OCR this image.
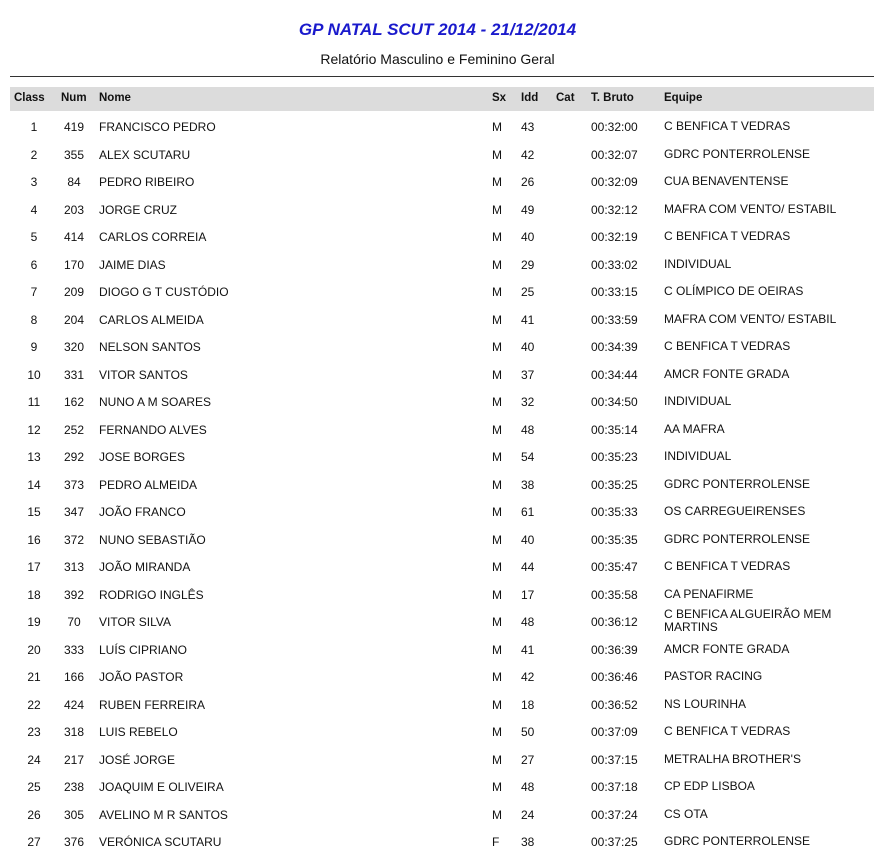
GP NATAL SCUT 2014 - 21/12/2014
Relatório Masculino e Feminino Geral
Class Num Nome	Sx Idd Cat T. Bruto	Equipe
1	419	FRANCISCO PEDRO	M 43	00:32:00 C BENFICA T VEDRAS
2	355	ALEX SCUTARU	M 42	00:32:07 GDRC PONTERROLENSE
3	84	PEDRO RIBEIRO	M 26	00:32:09 CUA BENAVENTENSE
4	203	JORGE CRUZ	M 49	00:32:12 MAFRA COM VENTO/ ESTABIL
5	414	CARLOS CORREIA	M 40	00:32:19 C BENFICA T VEDRAS
6	170	JAIME DIAS	M 29	00:33:02 INDIVIDUAL
7	209	DIOGO G T CUSTÓDIO	M 25	00:33:15 C OLÍMPICO DE OEIRAS
8	204	CARLOS ALMEIDA	M 41	00:33:59 MAFRA COM VENTO/ ESTABIL
9	320	NELSON SANTOS	M 40	00:34:39 C BENFICA T VEDRAS
10	331	VITOR SANTOS	M 37	00:34:44 AMCR FONTE GRADA
11	162	NUNO A M SOARES	M 32	00:34:50 INDIVIDUAL
12	252	FERNANDO ALVES	M 48	00:35:14 AA MAFRA
13	292	JOSE BORGES	M 54	00:35:23 INDIVIDUAL
14	373	PEDRO ALMEIDA	M 38	00:35:25 GDRC PONTERROLENSE
15	347	JOÃO FRANCO	M 61	00:35:33 OS CARREGUEIRENSES
16	372	NUNO SEBASTIÃO	M 40	00:35:35 GDRC PONTERROLENSE
17	313	JOÃO MIRANDA	M 44	00:35:47 C BENFICA T VEDRAS
18	392	RODRIGO INGLÊS	M 17	00:35:58 CA PENAFIRME
19	70	VITOR SILVA	M 48	00:36:12
C BENFICA ALGUEIRÃO MEM MARTINS
20	333	LUÍS CIPRIANO	M 41	00:36:39 AMCR FONTE GRADA
21	166	JOÃO PASTOR	M 42	00:36:46 PASTOR RACING
22	424	RUBEN FERREIRA	M 18	00:36:52 NS LOURINHA
23	318	LUIS REBELO	M 50	00:37:09 C BENFICA T VEDRAS
24	217	JOSÉ JORGE	M 27	00:37:15 METRALHA BROTHER'S
25	238	JOAQUIM E OLIVEIRA	M 48	00:37:18 CP EDP LISBOA
26	305	AVELINO M R SANTOS	M 24	00:37:24 CS OTA
27	376	VERÓNICA SCUTARU	F 38	00:37:25 GDRC PONTERROLENSE
